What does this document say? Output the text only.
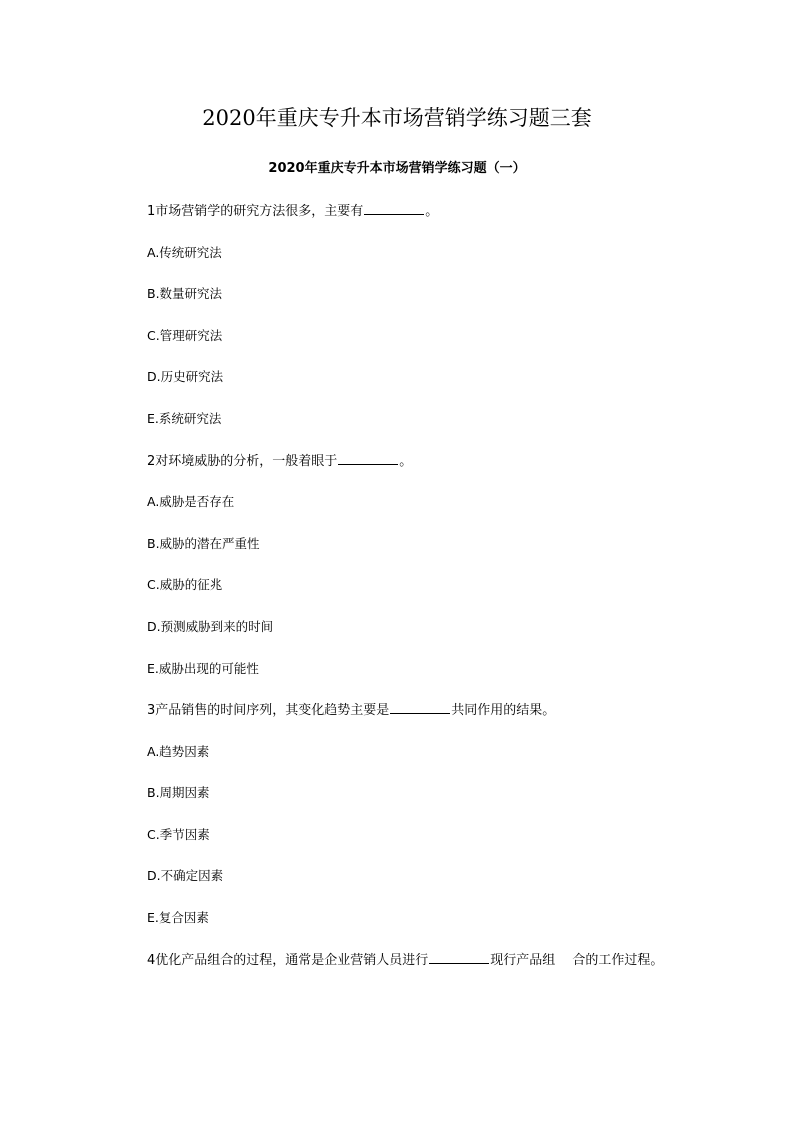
2020年重庆专升本市场营销学练习题三套
2020年重庆专升本市场营销学练习题（一）
1市场营销学的研究方法很多，主要有	。
A.传统研究法
B.数量研究法
C.管理研究法
D.历史研究法
E.系统研究法
2对环境威胁的分析，一般着眼于	。
A.威胁是否存在
B.威胁的潜在严重性
C.威胁的征兆
D.预测威胁到来的时间
E.威胁出现的可能性
3产品销售的时间序列，其变化趋势主要是	共同作用的结果。
A.趋势因素
B.周期因素
C.季节因素
D.不确定因素
E.复合因素
4优化产品组合的过程，通常是企业营销人员进行	现行产品组　 合的工作过程。
